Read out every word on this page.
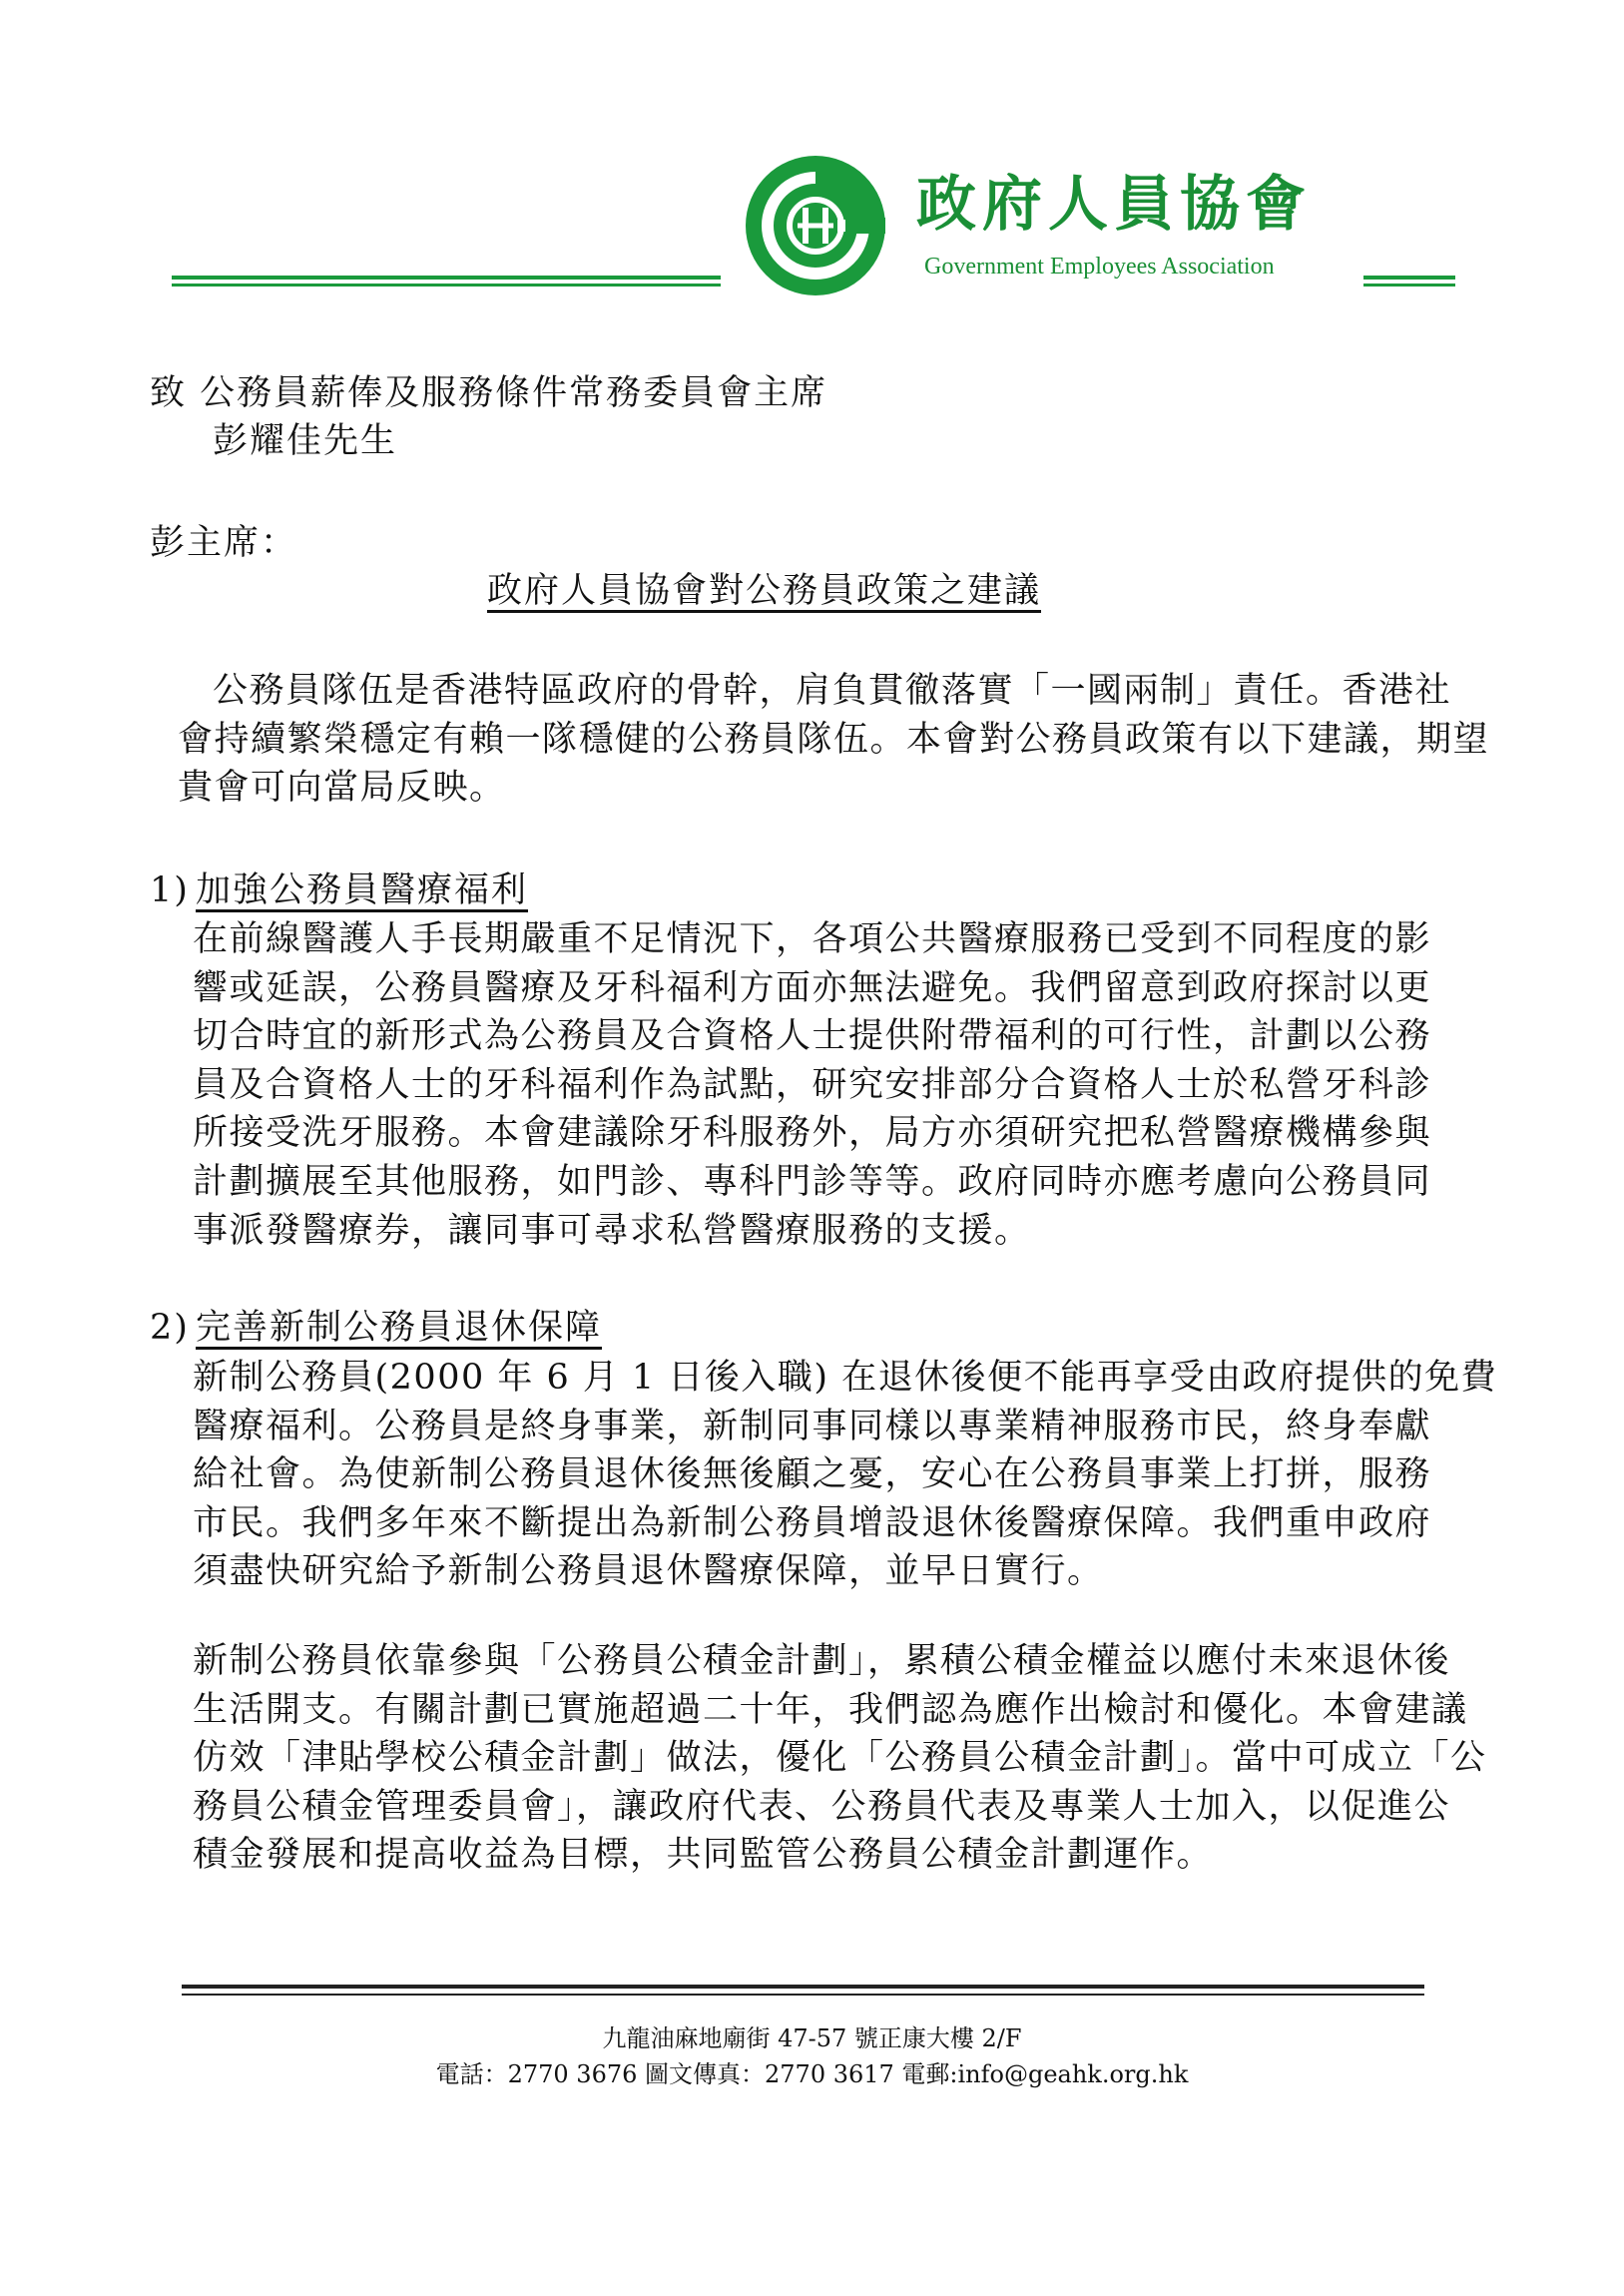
政府人員協會
Government Employees Association
致 公務員薪俸及服務條件常務委員會主席
彭耀佳先生
彭主席：
政府人員協會對公務員政策之建議

公務員隊伍是香港特區政府的骨幹，肩負貫徹落實「一國兩制」責任。香港社

會持續繁榮穩定有賴一隊穩健的公務員隊伍。本會對公務員政策有以下建議，期望

貴會可向當局反映。

1) 加強公務員醫療福利

在前線醫護人手長期嚴重不足情況下，各項公共醫療服務已受到不同程度的影

響或延誤，公務員醫療及牙科福利方面亦無法避免。我們留意到政府探討以更

切合時宜的新形式為公務員及合資格人士提供附帶福利的可行性，計劃以公務

員及合資格人士的牙科福利作為試點，研究安排部分合資格人士於私營牙科診

所接受洗牙服務。本會建議除牙科服務外，局方亦須研究把私營醫療機構參與

計劃擴展至其他服務，如門診、專科門診等等。政府同時亦應考慮向公務員同

事派發醫療券，讓同事可尋求私營醫療服務的支援。

2) 完善新制公務員退休保障

新制公務員(2000 年 6 月 1 日後入職) 在退休後便不能再享受由政府提供的免費

醫療福利。公務員是終身事業，新制同事同樣以專業精神服務市民，終身奉獻

給社會。為使新制公務員退休後無後顧之憂，安心在公務員事業上打拼，服務

市民。我們多年來不斷提出為新制公務員增設退休後醫療保障。我們重申政府

須盡快研究給予新制公務員退休醫療保障，並早日實行。

新制公務員依靠參與「公務員公積金計劃」，累積公積金權益以應付未來退休後

生活開支。有關計劃已實施超過二十年，我們認為應作出檢討和優化。本會建議

仿效「津貼學校公積金計劃」做法，優化「公務員公積金計劃」。當中可成立「公

務員公積金管理委員會」，讓政府代表、公務員代表及專業人士加入，以促進公

積金發展和提高收益為目標，共同監管公務員公積金計劃運作。

九龍油麻地廟街 47-57 號正康大樓 2/F
電話：2770 3676 圖文傳真：2770 3617 電郵:info@geahk.org.hk
